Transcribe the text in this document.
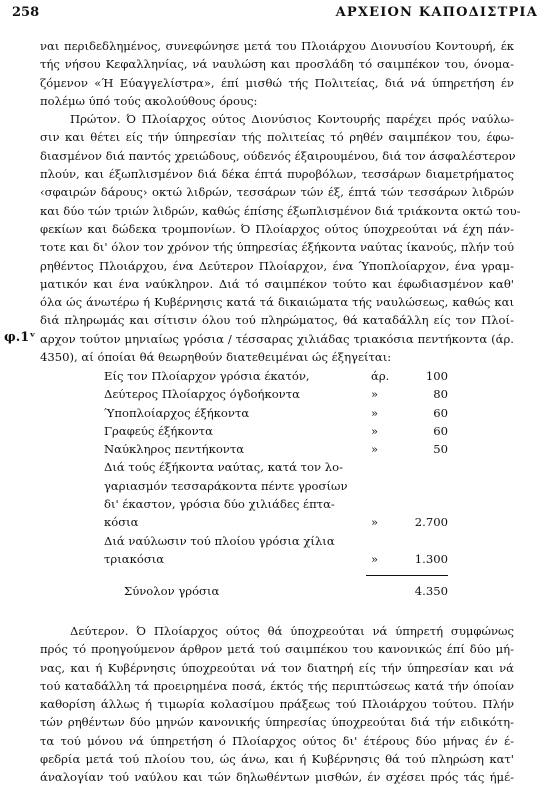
258	ΑΡΧΕΙΟΝ ΚΑΠΟΔΙΣΤΡΙΑ

ναι περιδεδλημένος, συνεφώνησε μετά του Πλοιάρχου Διονυσίου Κοντουρή, έκ
τής νήσου Κεφαλληνίας, νά ναυλώση και προσλάδη τό σαιμπέκον του, όνομα-
ζόμενον «Ή Εύαγγελίστρα», έπί μισθώ τής Πολιτείας, διά νά ύπηρετήση έν
πολέμω ύπό τούς ακολούθους όρους:

Πρώτον. Ό Πλοίαρχος ούτος Διονύσιος Κοντουρής παρέχει πρός ναύλω-
σιν και θέτει είς τήν ύπηρεσίαν τής πολιτείας τό ρηθέν σαιμπέκον του, έφω-
διασμένον διά παντός χρειώδους, ούδενός έξαιρουμένου, διά τον άσφαλέστερον
πλούν, και έξωπλισμένον διά δέκα έπτά πυροβόλων, τεσσάρων διαμετρήματος
‹σφαιρών δάρους› οκτώ λιδρών, τεσσάρων τών έξ, έπτά τών τεσσάρων λιδρών
και δύο τών τριών λιδρών, καθώς έπίσης έξωπλισμένον διά τριάκοντα οκτώ του-
φεκίων και δώδεκα τρομπονίων. Ό Πλοίαρχος ούτος ύποχρεούται νά έχη πάν-
τοτε και δι' όλον τον χρόνον τής ύπηρεσίας έξήκοντα ναύτας ίκανούς, πλήν τού
ρηθέντος Πλοιάρχου, ένα Δεύτερον Πλοίαρχον, ένα Ύποπλοίαρχον, ένα γραμ-
ματικόν και ένα ναύκληρον. Διά τό σαιμπέκον τούτο και έφωδιασμένον καθ'
όλα ώς άνωτέρω ή Κυβέρνησις κατά τά δικαιώματα τής ναυλώσεως, καθώς και
διά πληρωμάς και σίτισιν όλου τού πληρώματος, θά καταδάλλη είς τον Πλοί-
αρχον τούτον μηνιαίως γρόσια / τέσσαρας χιλιάδας τριακόσια πεντήκοντα (άρ.
4350), αί όποίαι θά θεωρηθούν διατεθειμέναι ώς έξηγείται:

φ.1ᵛ
Είς τον Πλοίαρχον γρόσια έκατόν,	άρ.	100
Δεύτερος Πλοίαρχος όγδοήκοντα	»	80
Ύποπλοίαρχος έξήκοντα	»	60
Γραφεύς έξήκοντα	»	60
Ναύκληρος πεντήκοντα	»	50
Διά τούς έξήκοντα ναύτας, κατά τον λο-
γαριασμόν τεσσαράκοντα πέντε γροσίων
δι' έκαστον, γρόσια δύο χιλιάδες έπτα-
κόσια	»	2.700
Διά ναύλωσιν τού πλοίου γρόσια χίλια
τριακόσια	»	1.300
Σύνολον γρόσια	4.350

Δεύτερον. Ό Πλοίαρχος ούτος θά ύποχρεούται νά ύπηρετή συμφώνως
πρός τό προηγούμενον άρθρον μετά τού σαιμπέκου του κανονικώς έπί δύο μή-
νας, και ή Κυβέρνησις ύποχρεούται νά τον διατηρή είς τήν ύπηρεσίαν και νά
τού καταδάλλη τά προειρημένα ποσά, έκτός τής περιπτώσεως κατά τήν όποίαν
καθορίση άλλως ή τιμωρία κολασίμου πράξεως τού Πλοιάρχου τούτου. Πλήν
τών ρηθέντων δύο μηνών κανονικής ύπηρεσίας ύποχρεούται διά τήν ειδικότη-
τα τού μόνου νά ύπηρετήση ό Πλοίαρχος ούτος δι' έτέρους δύο μήνας έν έ-
φεδρία μετά τού πλοίου του, ώς άνω, και ή Κυβέρνησις θά τού πληρώση κατ'
άναλογίαν τού ναύλου και τών δηλωθέντων μισθών, έν σχέσει πρός τάς ήμέ-
